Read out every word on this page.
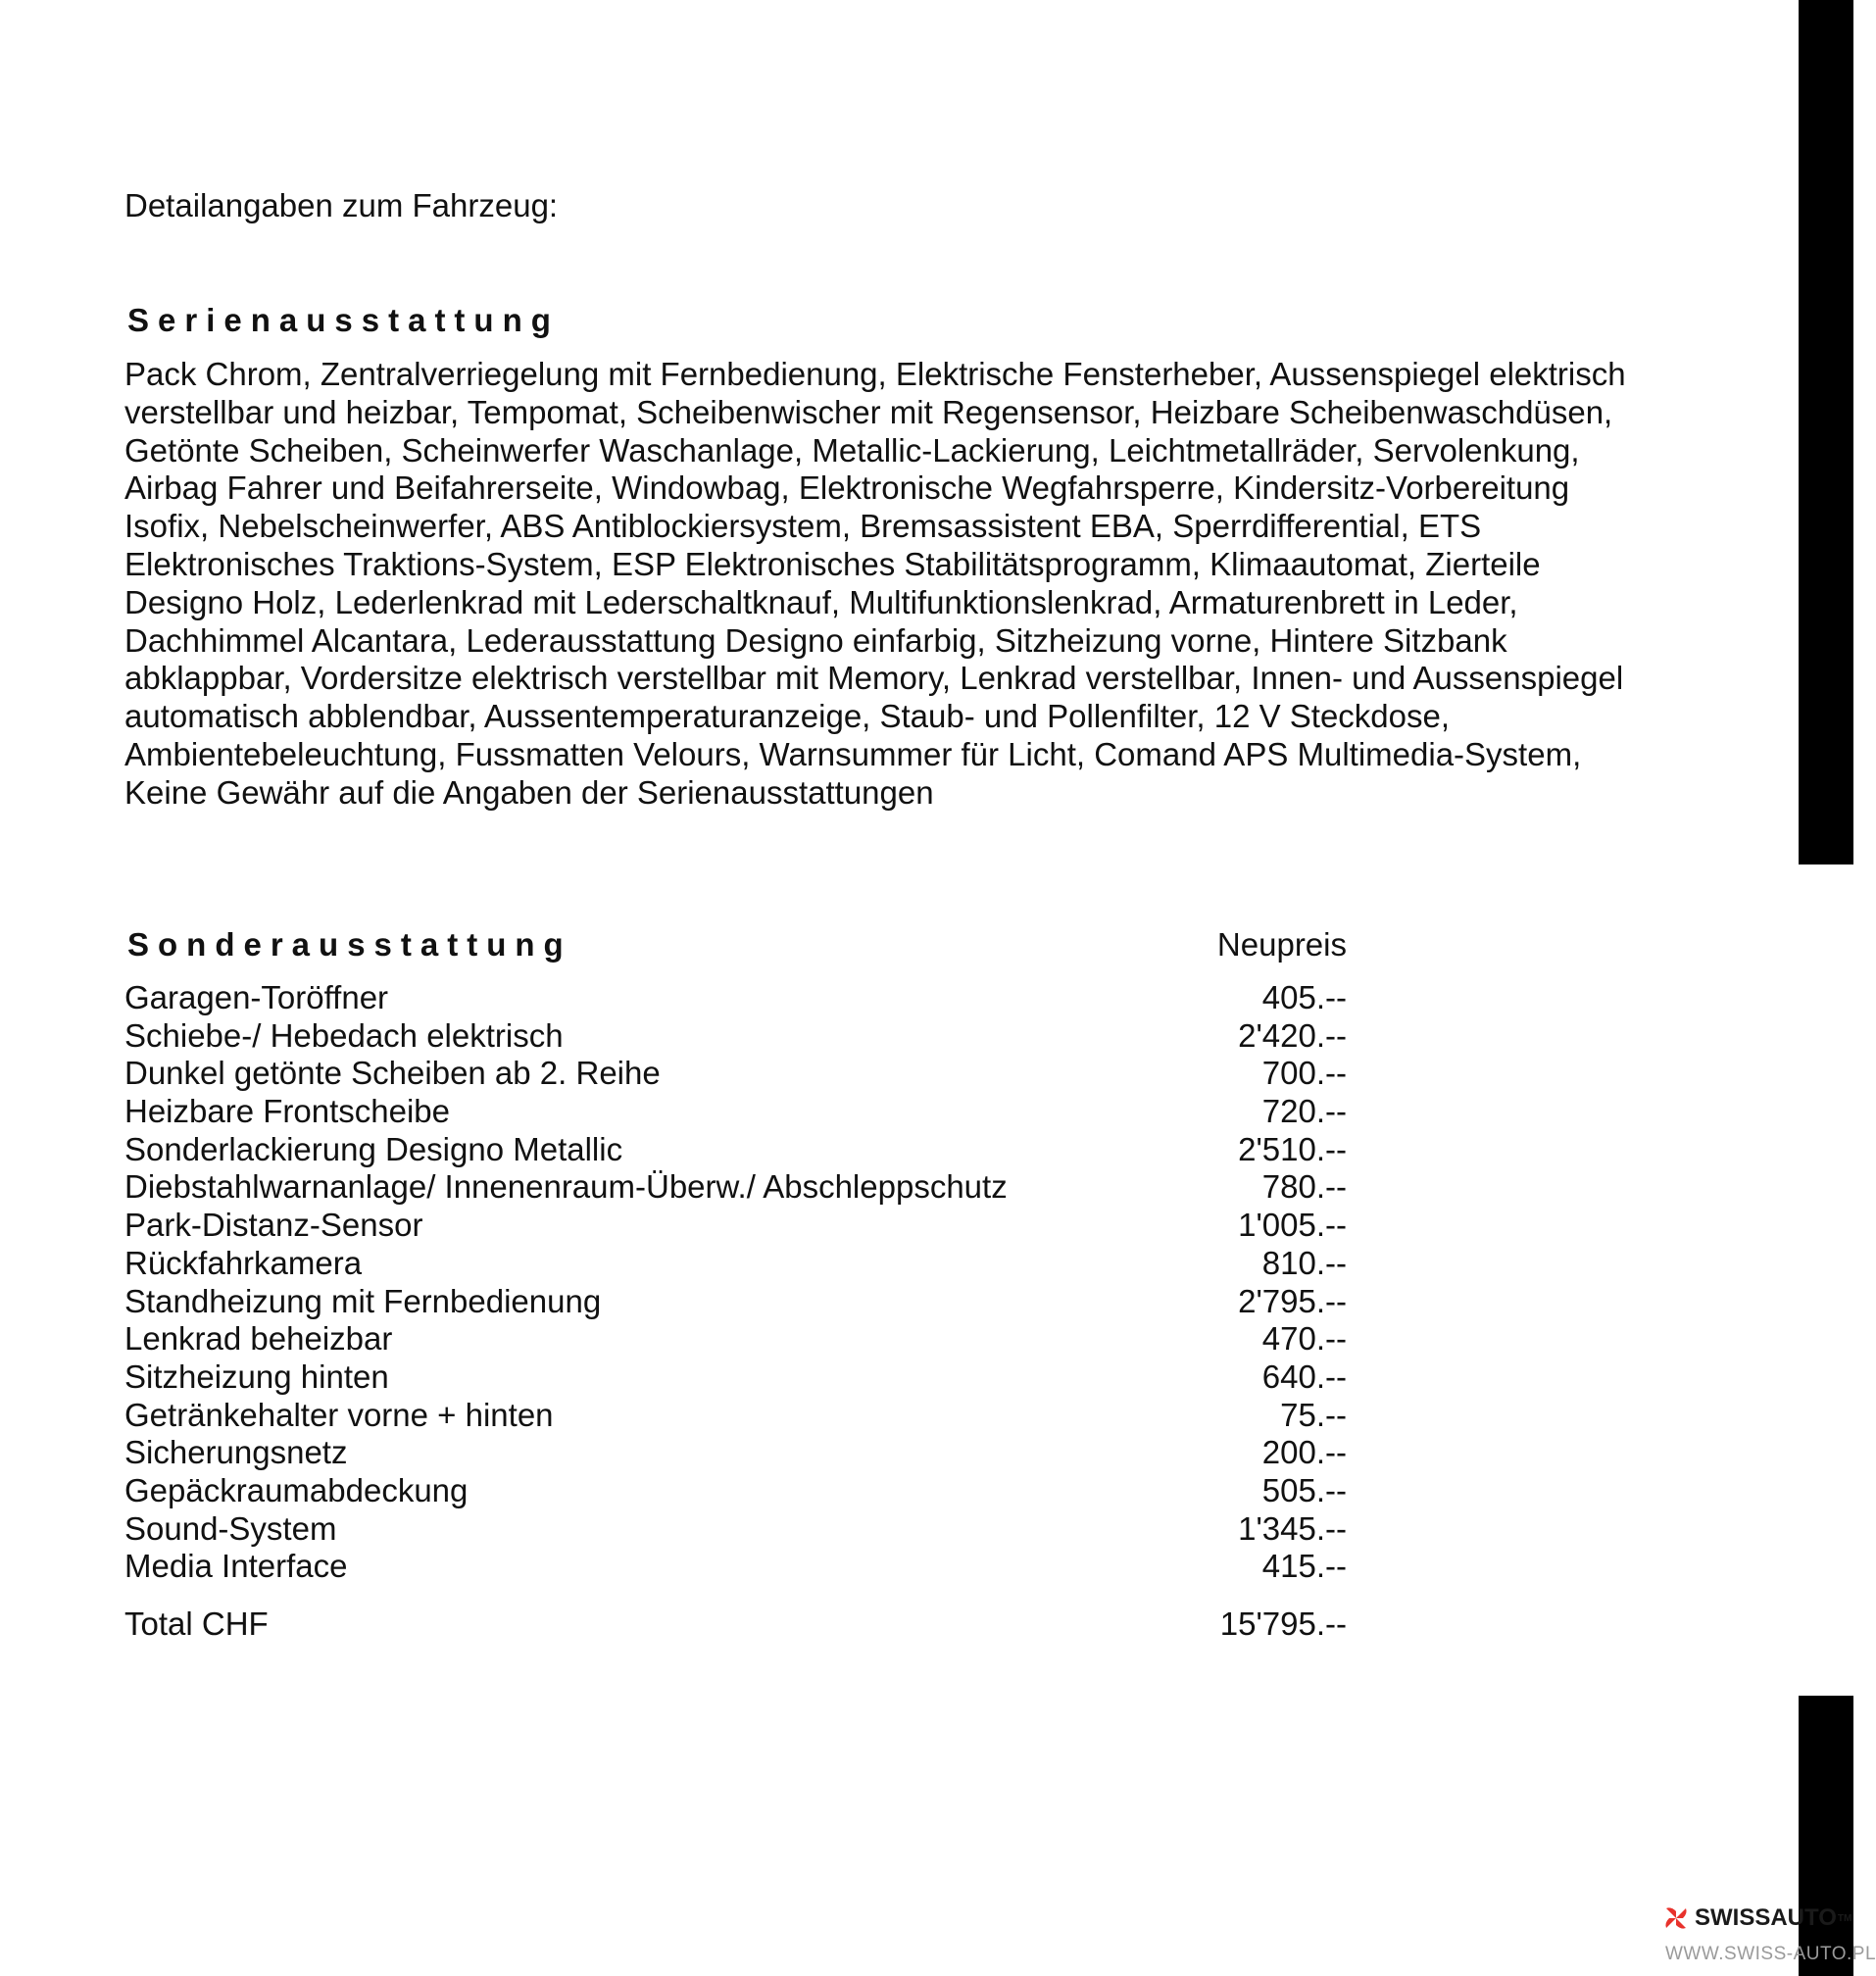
Detailangaben zum Fahrzeug:
Serienausstattung

Pack Chrom, Zentralverriegelung mit Fernbedienung, Elektrische Fensterheber, Aussenspiegel elektrisch verstellbar und heizbar, Tempomat, Scheibenwischer mit Regensensor, Heizbare Scheibenwaschdüsen, Getönte Scheiben, Scheinwerfer Waschanlage, Metallic-Lackierung, Leichtmetallräder, Servolenkung, Airbag Fahrer und Beifahrerseite, Windowbag, Elektronische Wegfahrsperre, Kindersitz-Vorbereitung Isofix, Nebelscheinwerfer, ABS Antiblockiersystem, Bremsassistent EBA, Sperrdifferential, ETS Elektronisches Traktions-System, ESP Elektronisches Stabilitätsprogramm, Klimaautomat, Zierteile Designo Holz, Lederlenkrad mit Lederschaltknauf, Multifunktionslenkrad, Armaturenbrett in Leder, Dachhimmel Alcantara, Lederausstattung Designo einfarbig, Sitzheizung vorne, Hintere Sitzbank abklappbar, Vordersitze elektrisch verstellbar mit Memory, Lenkrad verstellbar, Innen- und Aussenspiegel automatisch abblendbar, Aussentemperaturanzeige, Staub- und Pollenfilter, 12 V Steckdose, Ambientebeleuchtung, Fussmatten Velours, Warnsummer für Licht, Comand APS Multimedia-System, Keine Gewähr auf die Angaben der Serienausstattungen

Sonderausstattung	Neupreis
Garagen-Toröffner	405.--
Schiebe-/ Hebedach elektrisch	2'420.--
Dunkel getönte Scheiben ab 2. Reihe	700.--
Heizbare Frontscheibe	720.--
Sonderlackierung Designo Metallic	2'510.--
Diebstahlwarnanlage/ Innenenraum-Überw./ Abschleppschutz	780.--
Park-Distanz-Sensor	1'005.--
Rückfahrkamera	810.--
Standheizung mit Fernbedienung	2'795.--
Lenkrad beheizbar	470.--
Sitzheizung hinten	640.--
Getränkehalter vorne + hinten	75.--
Sicherungsnetz	200.--
Gepäckraumabdeckung	505.--
Sound-System	1'345.--
Media Interface	415.--
Total CHF	15'795.--
SWISSAUTO TM
WWW.SWISS-AUTO.PL
